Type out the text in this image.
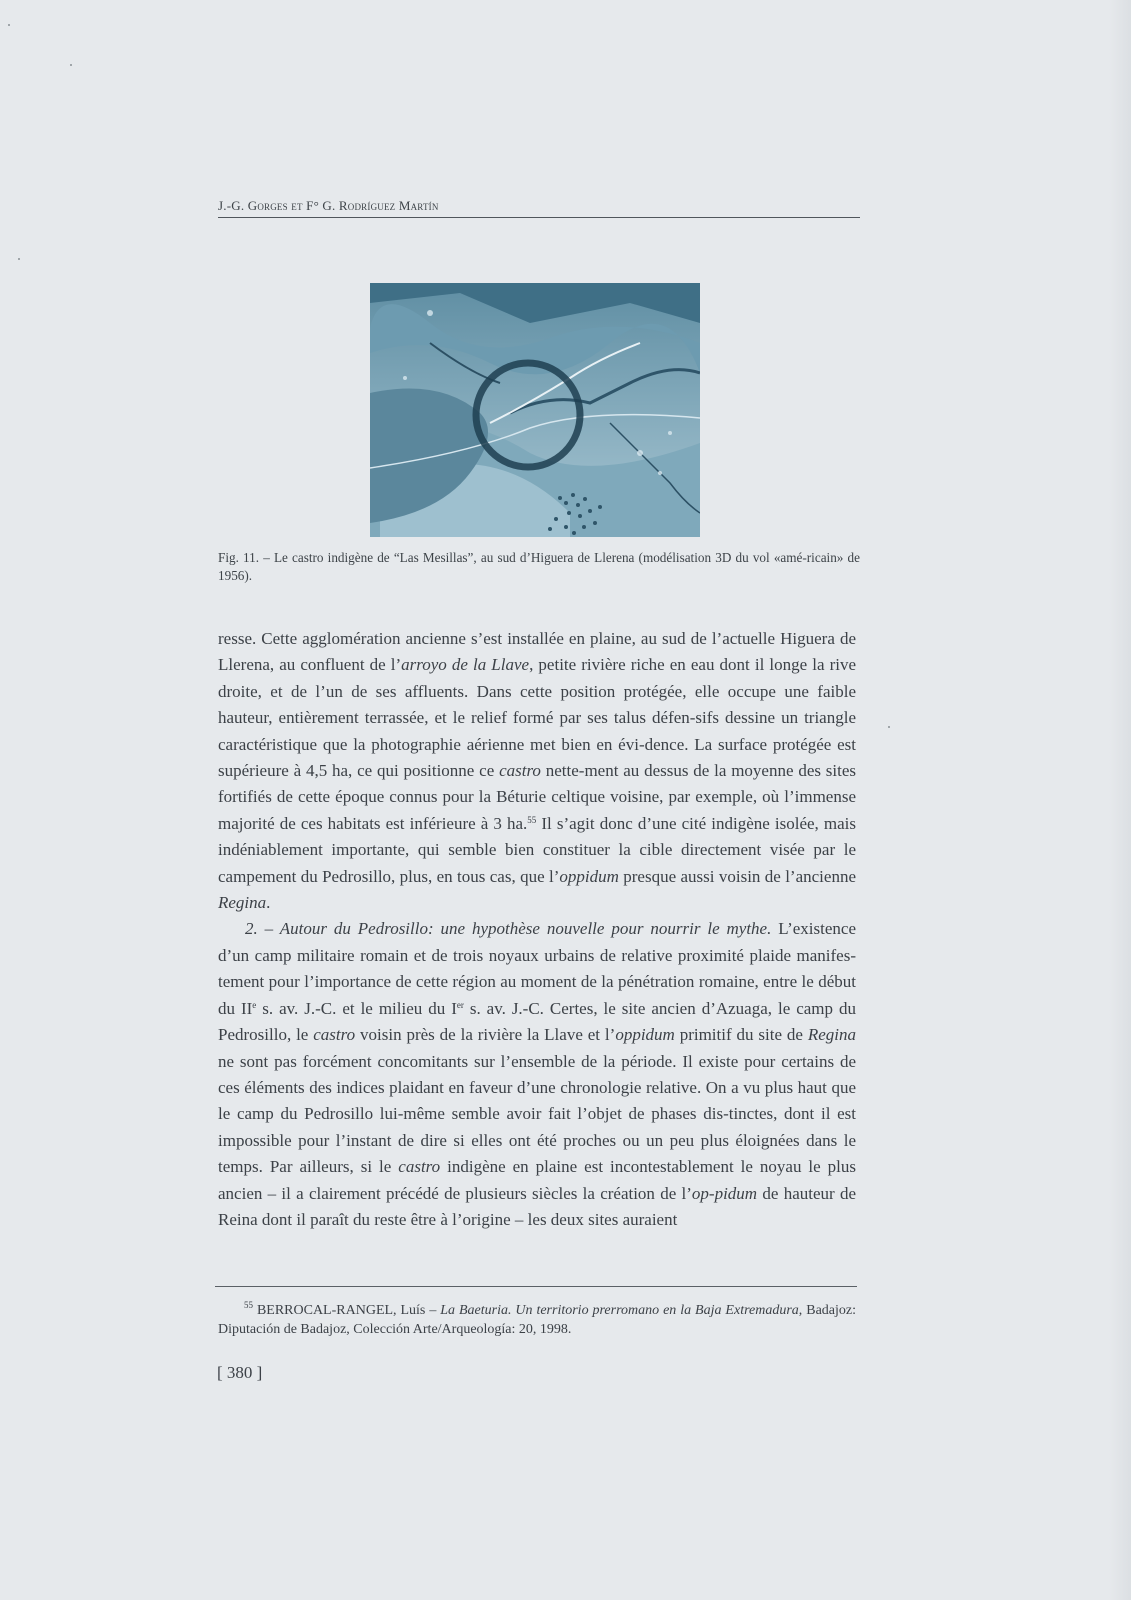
J.-G. Gorges et F° G. Rodríguez Martín
Fig. 11. – Le castro indigène de “Las Mesillas”, au sud d’Higuera de Llerena (modélisation 3D du vol «amé-ricain» de 1956).

resse. Cette agglomération ancienne s’est installée en plaine, au sud de l’actuelle Higuera de Llerena, au confluent de l’arroyo de la Llave, petite rivière riche en eau dont il longe la rive droite, et de l’un de ses affluents. Dans cette position protégée, elle occupe une faible hauteur, entièrement terrassée, et le relief formé par ses talus défen-sifs dessine un triangle caractéristique que la photographie aérienne met bien en évi-dence. La surface protégée est supérieure à 4,5 ha, ce qui positionne ce castro nette-ment au dessus de la moyenne des sites fortifiés de cette époque connus pour la Béturie celtique voisine, par exemple, où l’immense majorité de ces habitats est inférieure à 3 ha.$^{55}$ Il s’agit donc d’une cité indigène isolée, mais indéniablement importante, qui semble bien constituer la cible directement visée par le campement du Pedrosillo, plus, en tous cas, que l’oppidum presque aussi voisin de l’ancienne Regina.

2. – Autour du Pedrosillo: une hypothèse nouvelle pour nourrir le mythe. L’existence d’un camp militaire romain et de trois noyaux urbains de relative proximité plaide manifes-tement pour l’importance de cette région au moment de la pénétration romaine, entre le début du IIe s. av. J.-C. et le milieu du Ier s. av. J.-C. Certes, le site ancien d’Azuaga, le camp du Pedrosillo, le castro voisin près de la rivière la Llave et l’oppidum primitif du site de Regina ne sont pas forcément concomitants sur l’ensemble de la période. Il existe pour certains de ces éléments des indices plaidant en faveur d’une chronologie relative. On a vu plus haut que le camp du Pedrosillo lui-même semble avoir fait l’objet de phases dis-tinctes, dont il est impossible pour l’instant de dire si elles ont été proches ou un peu plus éloignées dans le temps. Par ailleurs, si le castro indigène en plaine est incontestablement le noyau le plus ancien – il a clairement précédé de plusieurs siècles la création de l’op-pidum de hauteur de Reina dont il paraît du reste être à l’origine – les deux sites auraient

$^{55}$ BERROCAL-RANGEL, Luís – La Baeturia. Un territorio prerromano en la Baja Extremadura, Badajoz: Diputación de Badajoz, Colección Arte/Arqueología: 20, 1998.
[ 380 ]
